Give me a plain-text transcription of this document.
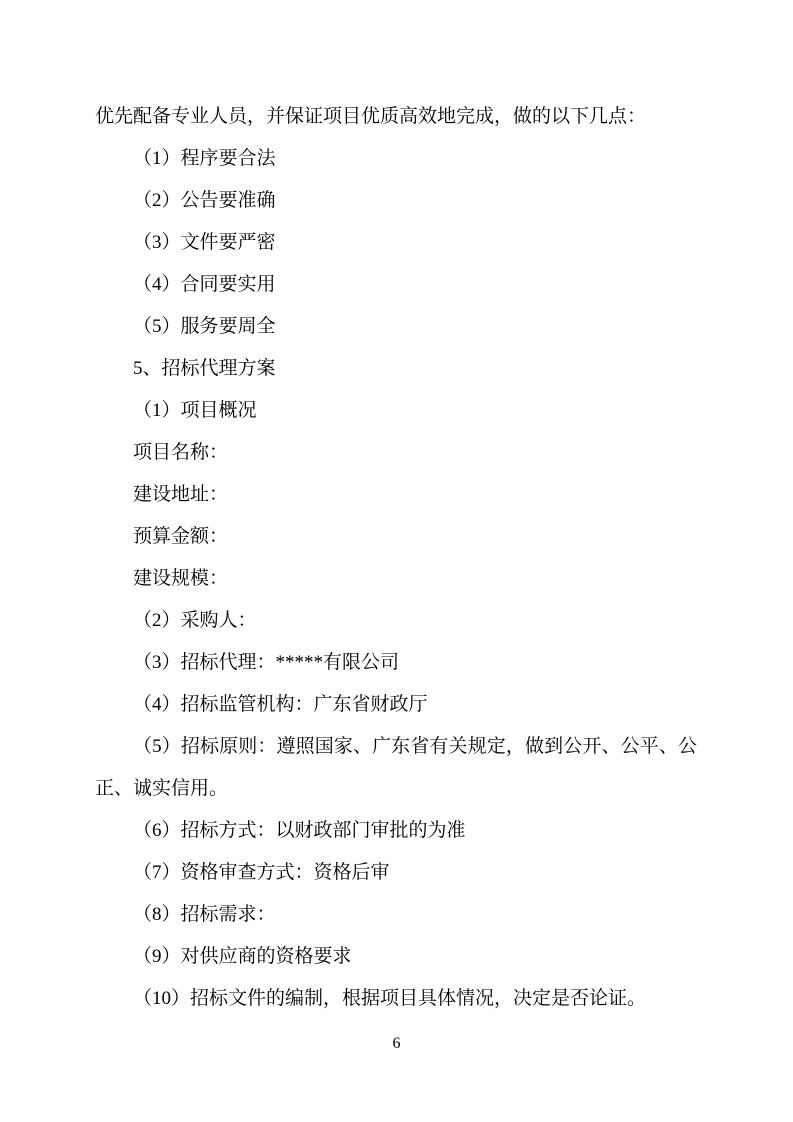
优先配备专业人员，并保证项目优质高效地完成，做的以下几点：

（1）程序要合法

（2）公告要准确

（3）文件要严密

（4）合同要实用

（5）服务要周全

5、招标代理方案

（1）项目概况

项目名称：

建设地址：

预算金额：

建设规模：

（2）采购人：

（3）招标代理：*****有限公司

（4）招标监管机构：广东省财政厅

（5）招标原则：遵照国家、广东省有关规定，做到公开、公平、公正、诚实信用。

（6）招标方式：以财政部门审批的为准

（7）资格审查方式：资格后审

（8）招标需求：

（9）对供应商的资格要求

（10）招标文件的编制，根据项目具体情况，决定是否论证。

6
